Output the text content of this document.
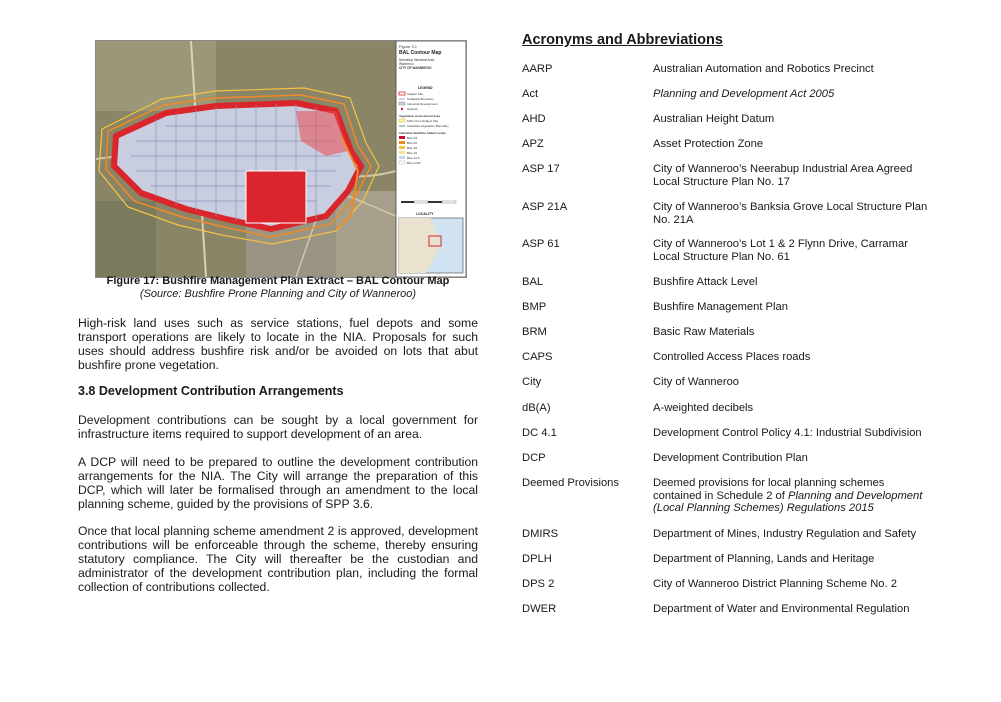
Figure 3.1
BAL Contour Map
Neerabup Industrial Area
Wanneroo
CITY OF WANNEROO
LEGEND
Subject Site
Cadastral Boundary
Industrial Development
Hydrant
Vegetation Assessment Area
100m from Subject Site
Classified Vegetation Boundary
Indicative Bushfire Attack Levels
BAL-FZ
BAL-40
BAL-29
BAL-19
BAL-12.5
BAL-LOW
LOCALITY
Figure 17: Bushfire Management Plan Extract – BAL Contour Map
(Source: Bushfire Prone Planning and City of Wanneroo)

High-risk land uses such as service stations, fuel depots and some transport operations are likely to locate in the NIA. Proposals for such uses should address bushfire risk and/or be avoided on lots that abut bushfire prone vegetation.

3.8 Development Contribution Arrangements

Development contributions can be sought by a local government for infrastructure items required to support development of an area.

A DCP will need to be prepared to outline the development contribution arrangements for the NIA. The City will arrange the preparation of this DCP, which will later be formalised through an amendment to the local planning scheme, guided by the provisions of SPP 3.6.

Once that local planning scheme amendment 2 is approved, development contributions will be enforceable through the scheme, thereby ensuring statutory compliance. The City will thereafter be the custodian and administrator of the development contribution plan, including the formal collection of contributions collected.

Acronyms and Abbreviations
AARP	Australian Automation and Robotics Precinct
Act	Planning and Development Act 2005
AHD	Australian Height Datum
APZ	Asset Protection Zone
ASP 17	City of Wanneroo’s Neerabup Industrial Area Agreed Local Structure Plan No. 17
ASP 21A	City of Wanneroo’s Banksia Grove Local Structure Plan No. 21A
ASP 61	City of Wanneroo’s Lot 1 & 2 Flynn Drive, Carramar Local Structure Plan No. 61
BAL	Bushfire Attack Level
BMP	Bushfire Management Plan
BRM	Basic Raw Materials
CAPS	Controlled Access Places roads
City	City of Wanneroo
dB(A)	A-weighted decibels
DC 4.1	Development Control Policy 4.1: Industrial Subdivision
DCP	Development Contribution Plan
Deemed Provisions	Deemed provisions for local planning schemes contained in Schedule 2 of Planning and Development (Local Planning Schemes) Regulations 2015
DMIRS	Department of Mines, Industry Regulation and Safety
DPLH	Department of Planning, Lands and Heritage
DPS 2	City of Wanneroo District Planning Scheme No. 2
DWER	Department of Water and Environmental Regulation
